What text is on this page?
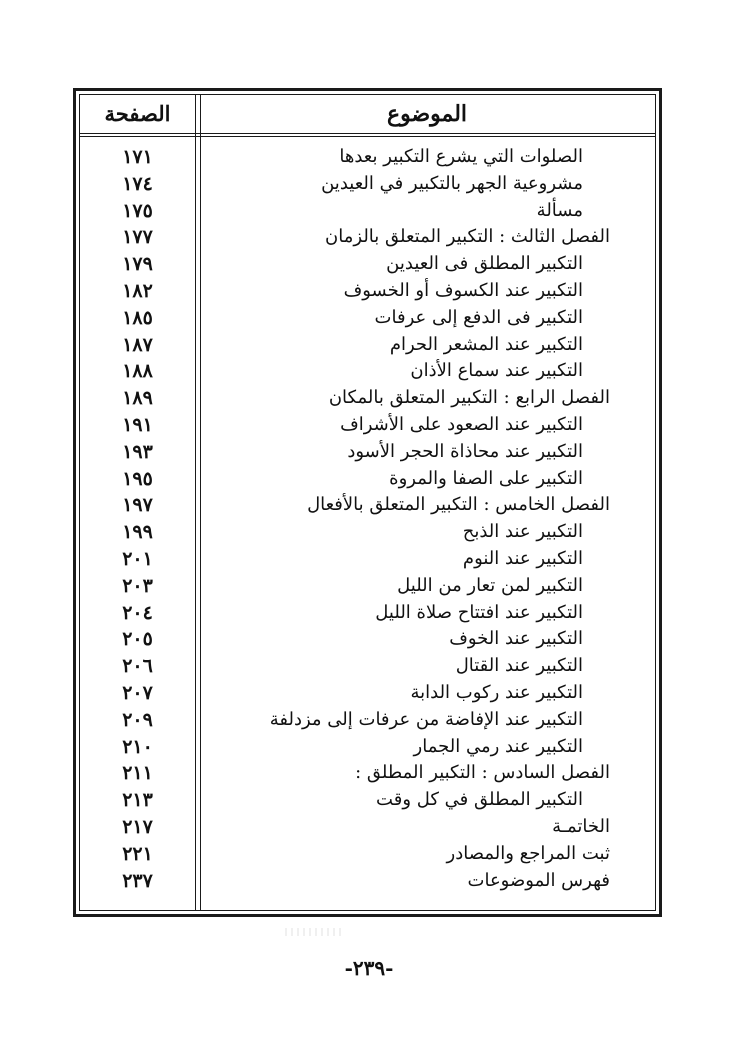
الصفحة	الموضوع
١٧١	الصلوات التي يشرع التكبير بعدها
١٧٤	مشروعية الجهر بالتكبير في العيدين
١٧٥	مسألة
١٧٧	الفصل الثالث : التكبير المتعلق بالزمان
١٧٩	التكبير المطلق فى العيدين
١٨٢	التكبير عند الكسوف أو الخسوف
١٨٥	التكبير فى الدفع إلى عرفات
١٨٧	التكبير عند المشعر الحرام
١٨٨	التكبير عند سماع الأذان
١٨٩	الفصل الرابع : التكبير المتعلق بالمكان
١٩١	التكبير عند الصعود على الأشراف
١٩٣	التكبير عند محاذاة الحجر الأسود
١٩٥	التكبير على الصفا والمروة
١٩٧	الفصل الخامس : التكبير المتعلق بالأفعال
١٩٩	التكبير عند الذبح
٢٠١	التكبير عند النوم
٢٠٣	التكبير لمن تعار من الليل
٢٠٤	التكبير عند افتتاح صلاة الليل
٢٠٥	التكبير عند الخوف
٢٠٦	التكبير عند القتال
٢٠٧	التكبير عند ركوب الدابة
٢٠٩	التكبير عند الإفاضة من عرفات إلى مزدلفة
٢١٠	التكبير عند رمي الجمار
٢١١	الفصل السادس : التكبير المطلق :
٢١٣	التكبير المطلق في كل وقت
٢١٧	الخاتمـة
٢٢١	ثبت المراجع والمصادر
٢٣٧	فهرس الموضوعات
-٢٣٩-
